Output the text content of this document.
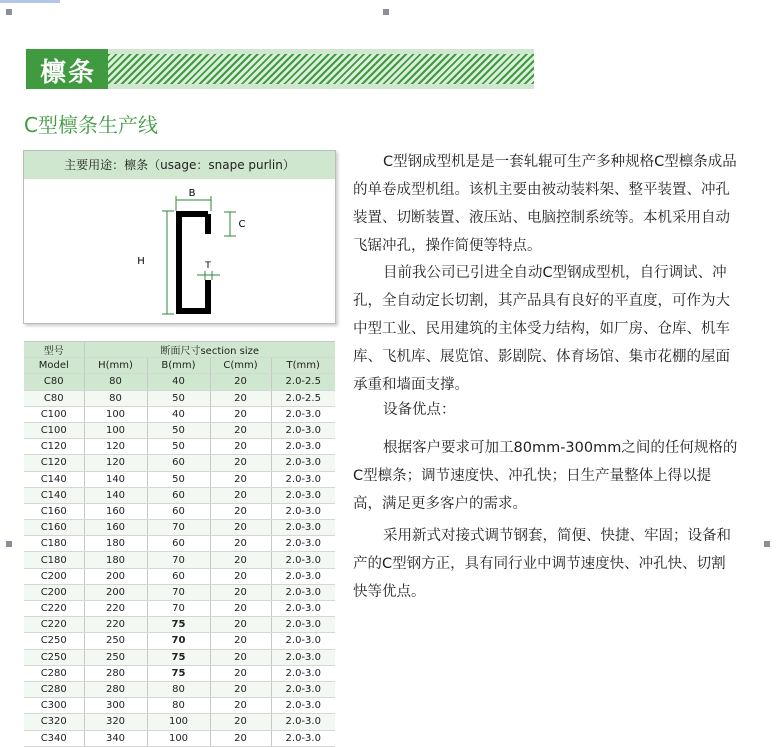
檩条
C型檩条生产线
主要用途：檩条（usage：snape purlin）
B
C
H	T
型号	断面尺寸section size			
Model	H(mm)	B(mm)	C(mm)	T(mm)
C80	80	40	20	2.0-2.5
C80	80	50	20	2.0-2.5
C100	100	40	20	2.0-3.0
C100	100	50	20	2.0-3.0
C120	120	50	20	2.0-3.0
C120	120	60	20	2.0-3.0
C140	140	50	20	2.0-3.0
C140	140	60	20	2.0-3.0
C160	160	60	20	2.0-3.0
C160	160	70	20	2.0-3.0
C180	180	60	20	2.0-3.0
C180	180	70	20	2.0-3.0
C200	200	60	20	2.0-3.0
C200	200	70	20	2.0-3.0
C220	220	70	20	2.0-3.0
C220	220	75	20	2.0-3.0
C250	250	70	20	2.0-3.0
C250	250	75	20	2.0-3.0
C280	280	75	20	2.0-3.0
C280	280	80	20	2.0-3.0
C300	300	80	20	2.0-3.0
C320	320	100	20	2.0-3.0
C340	340	100	20	2.0-3.0
C型钢成型机是是一套轧辊可生产多种规格C型檩条成品
的单卷成型机组。该机主要由被动装料架、整平装置、冲孔
装置、切断装置、液压站、电脑控制系统等。本机采用自动
飞锯冲孔，操作简便等特点。
目前我公司已引进全自动C型钢成型机，自行调试、冲
孔，全自动定长切割，其产品具有良好的平直度，可作为大
中型工业、民用建筑的主体受力结构，如厂房、仓库、机车
库、飞机库、展览馆、影剧院、体育场馆、集市花棚的屋面
承重和墙面支撑。
设备优点：
根据客户要求可加工80mm-300mm之间的任何规格的
C型檩条；调节速度快、冲孔快；日生产量整体上得以提
高，满足更多客户的需求。
采用新式对接式调节钢套，简便、快捷、牢固；设备和
产的C型钢方正，具有同行业中调节速度快、冲孔快、切割
快等优点。
